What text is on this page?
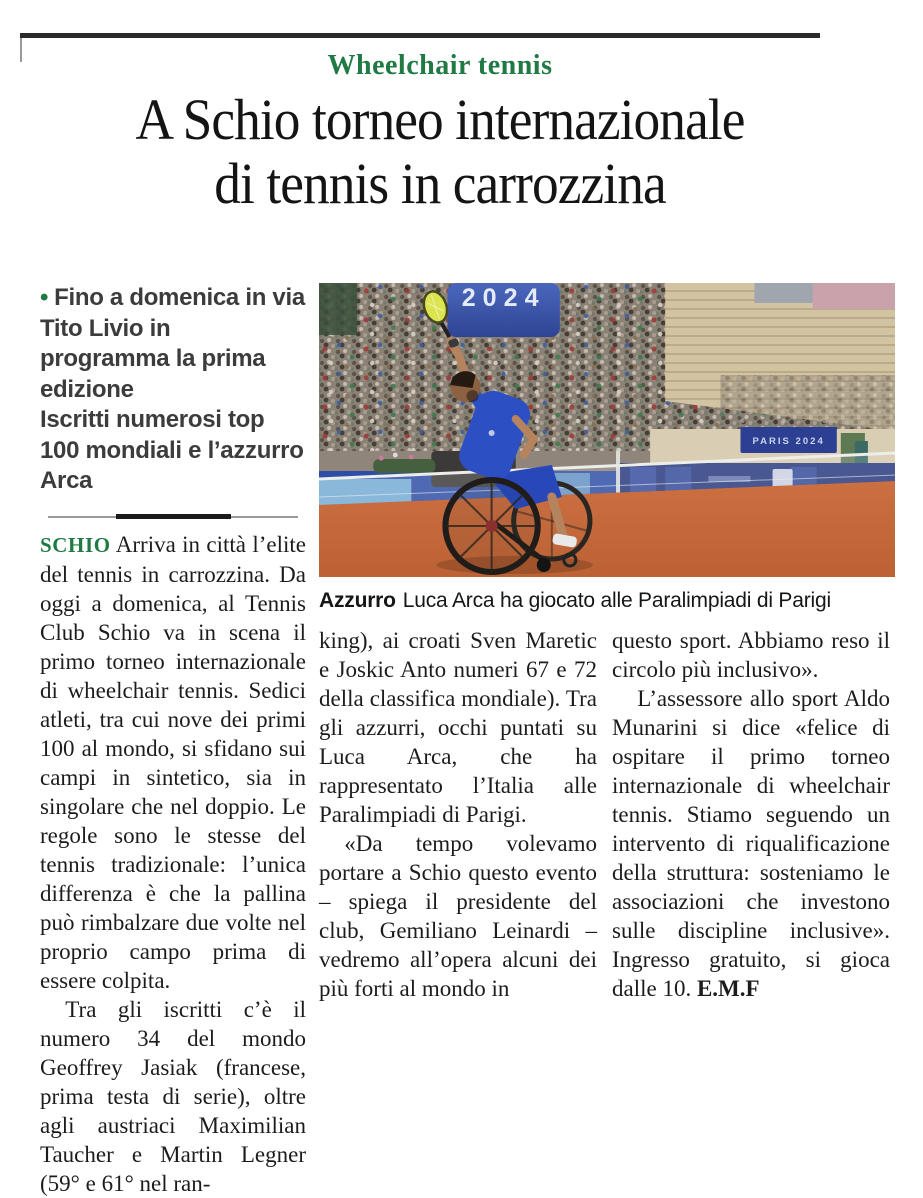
Wheelchair tennis
A Schio torneo internazionale
di tennis in carrozzina
• Fino a domenica in via Tito Livio in programma la prima edizione
Iscritti numerosi top 100 mondiali e l’azzurro Arca

SCHIO Arriva in città l’elite del tennis in carrozzina. Da oggi a domenica, al Tennis Club Schio va in scena il primo torneo internazionale di wheelchair tennis. Sedici atleti, tra cui nove dei primi 100 al mondo, si sfidano sui campi in sintetico, sia in singolare che nel doppio. Le regole sono le stesse del tennis tradizionale: l’unica differenza è che la pallina può rimbalzare due volte nel proprio campo prima di essere colpita.

Tra gli iscritti c’è il numero 34 del mondo Geoffrey Jasiak (francese, prima testa di serie), oltre agli austriaci Maximilian Taucher e Martin Legner (59° e 61° nel ran-

2024
PARIS 2024
Azzurro Luca Arca ha giocato alle Paralimpiadi di Parigi

king), ai croati Sven Maretic e Joskic Anto numeri 67 e 72 della classifica mondiale). Tra gli azzurri, occhi puntati su Luca Arca, che ha rappresentato l’Italia alle Paralimpiadi di Parigi.

«Da tempo volevamo portare a Schio questo evento – spiega il presidente del club, Gemiliano Leinardi – vedremo all’opera alcuni dei più forti al mondo in

questo sport. Abbiamo reso il circolo più inclusivo».

L’assessore allo sport Aldo Munarini si dice «felice di ospitare il primo torneo internazionale di wheelchair tennis. Stiamo seguendo un intervento di riqualificazione della struttura: sosteniamo le associazioni che investono sulle discipline inclusive». Ingresso gratuito, si gioca dalle 10. E.M.F
